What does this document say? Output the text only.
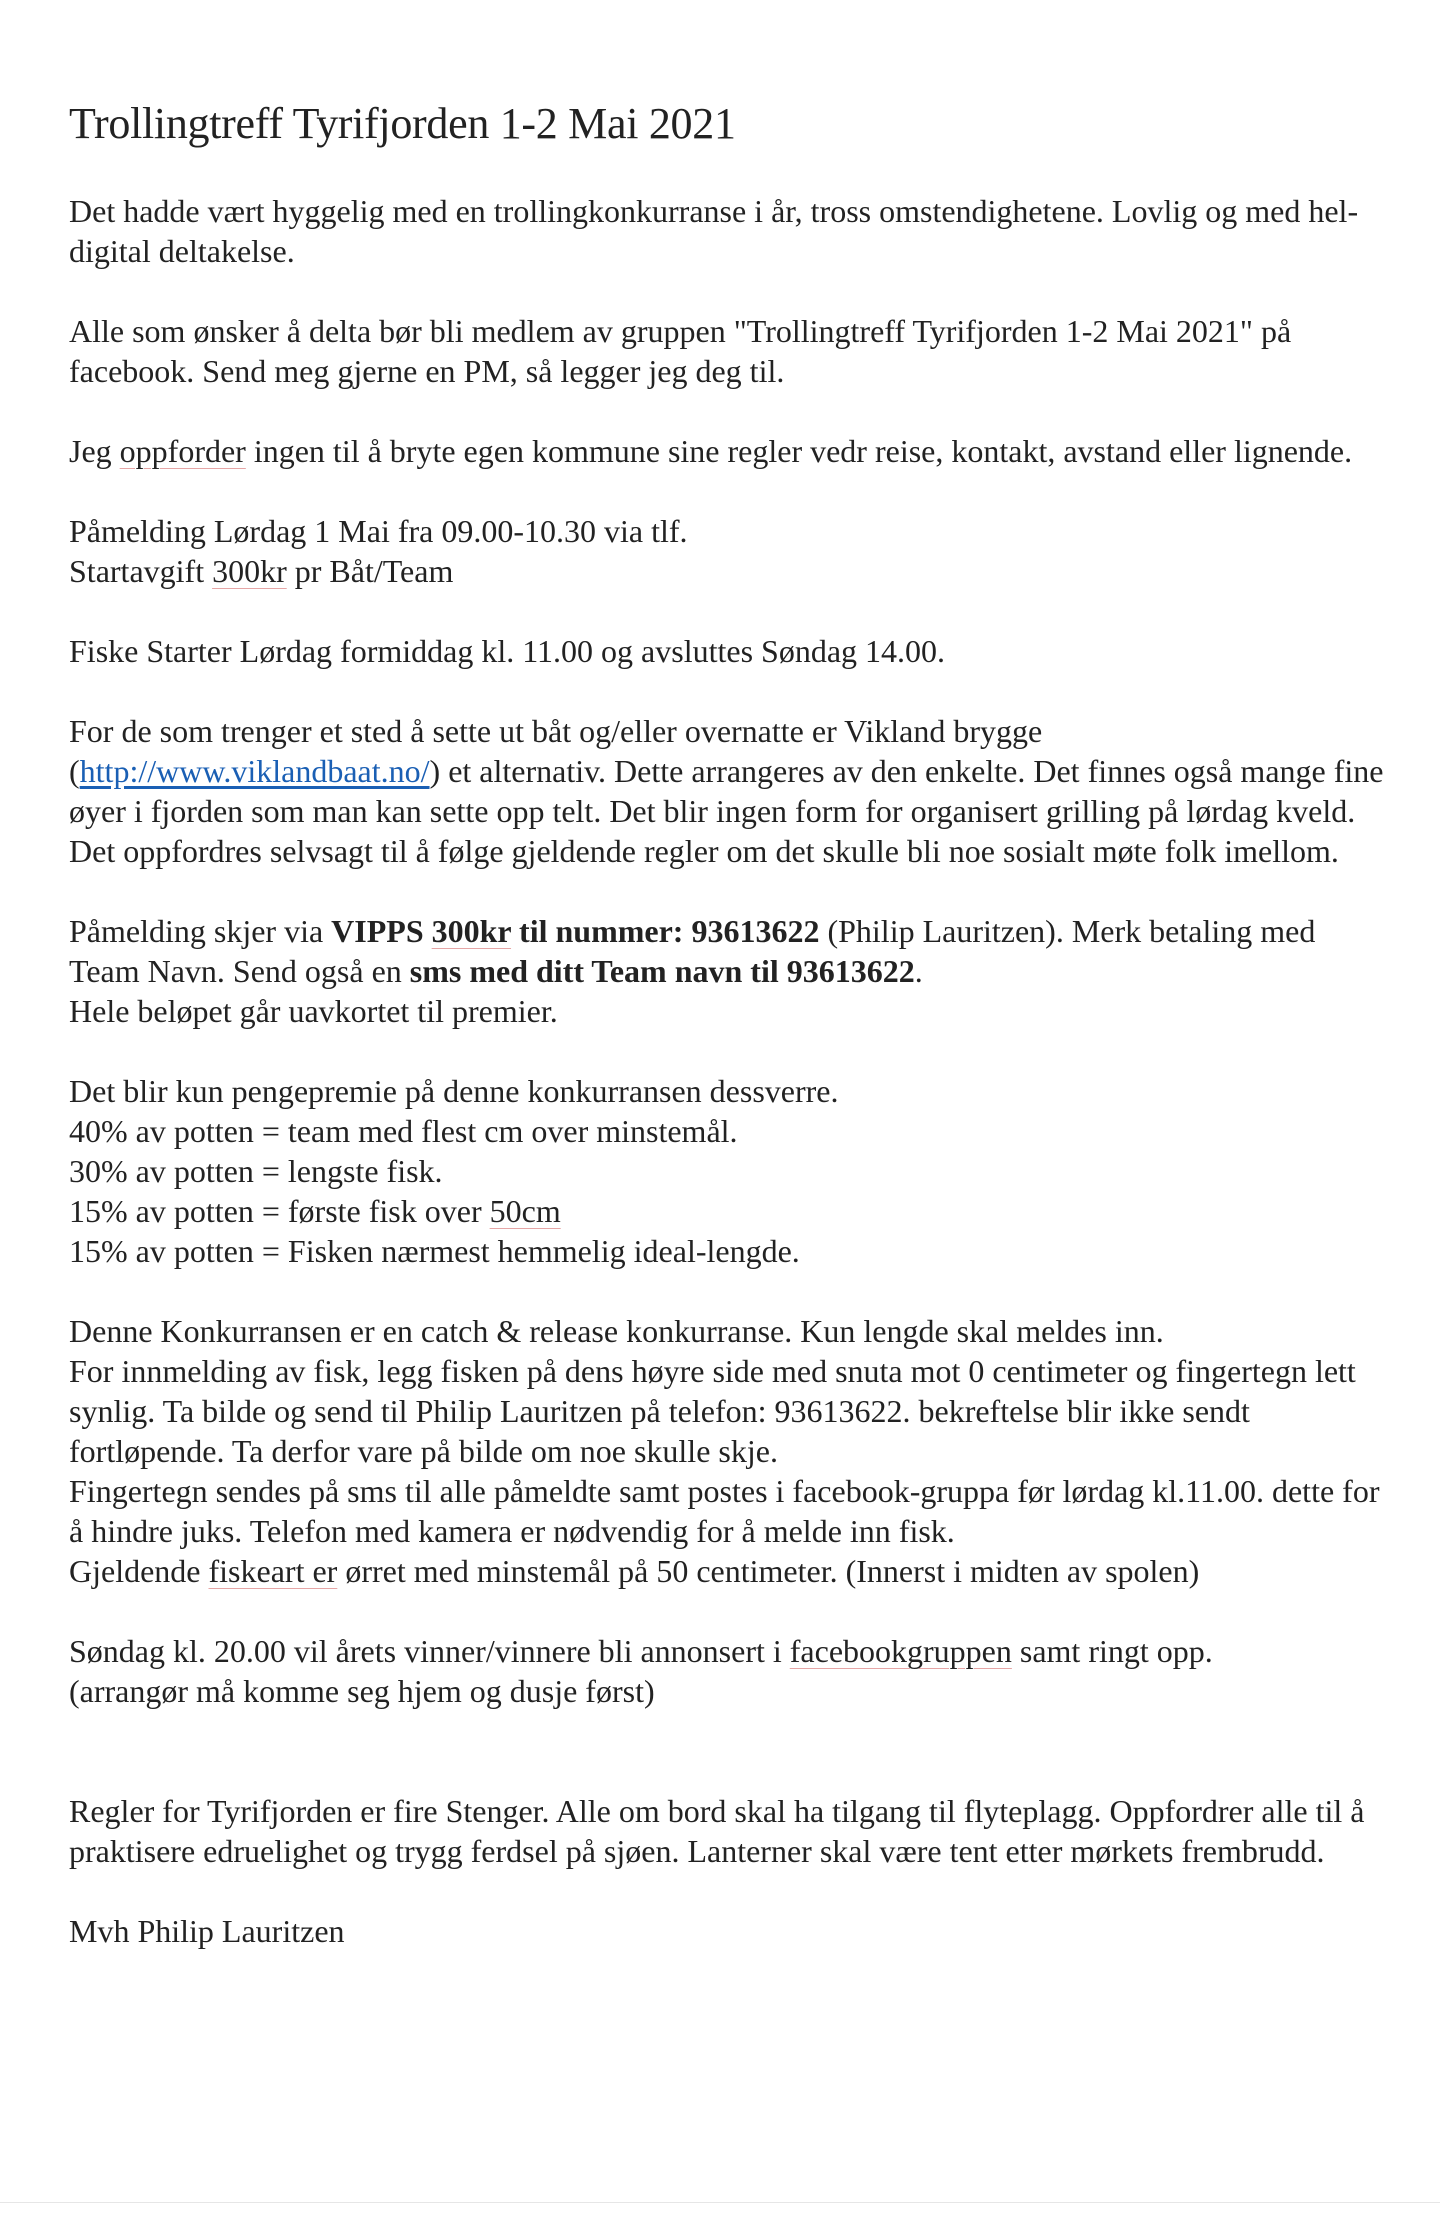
Trollingtreff Tyrifjorden 1-2 Mai 2021

Det hadde vært hyggelig med en trollingkonkurranse i år, tross omstendighetene. Lovlig og med hel-digital deltakelse.

Alle som ønsker å delta bør bli medlem av gruppen "Trollingtreff Tyrifjorden 1-2 Mai 2021" på facebook. Send meg gjerne en PM, så legger jeg deg til.

Jeg oppforder ingen til å bryte egen kommune sine regler vedr reise, kontakt, avstand eller lignende.

Påmelding Lørdag 1 Mai fra 09.00-10.30 via tlf.
Startavgift 300kr pr Båt/Team

Fiske Starter Lørdag formiddag kl. 11.00 og avsluttes Søndag 14.00.

For de som trenger et sted å sette ut båt og/eller overnatte er Vikland brygge (http://www.viklandbaat.no/) et alternativ. Dette arrangeres av den enkelte. Det finnes også mange fine øyer i fjorden som man kan sette opp telt. Det blir ingen form for organisert grilling på lørdag kveld. Det oppfordres selvsagt til å følge gjeldende regler om det skulle bli noe sosialt møte folk imellom.

Påmelding skjer via VIPPS 300kr til nummer: 93613622 (Philip Lauritzen). Merk betaling med Team Navn. Send også en sms med ditt Team navn til 93613622.
Hele beløpet går uavkortet til premier.

Det blir kun pengepremie på denne konkurransen dessverre.
40% av potten = team med flest cm over minstemål.
30% av potten = lengste fisk.
15% av potten = første fisk over 50cm
15% av potten = Fisken nærmest hemmelig ideal-lengde.

Denne Konkurransen er en catch & release konkurranse. Kun lengde skal meldes inn.
For innmelding av fisk, legg fisken på dens høyre side med snuta mot 0 centimeter og fingertegn lett synlig. Ta bilde og send til Philip Lauritzen på telefon: 93613622. bekreftelse blir ikke sendt fortløpende. Ta derfor vare på bilde om noe skulle skje.
Fingertegn sendes på sms til alle påmeldte samt postes i facebook-gruppa før lørdag kl.11.00. dette for å hindre juks. Telefon med kamera er nødvendig for å melde inn fisk.
Gjeldende fiskeart er ørret med minstemål på 50 centimeter. (Innerst i midten av spolen)

Søndag kl. 20.00 vil årets vinner/vinnere bli annonsert i facebookgruppen samt ringt opp.
(arrangør må komme seg hjem og dusje først)

Regler for Tyrifjorden er fire Stenger. Alle om bord skal ha tilgang til flyteplagg. Oppfordrer alle til å praktisere edruelighet og trygg ferdsel på sjøen. Lanterner skal være tent etter mørkets frembrudd.

Mvh Philip Lauritzen
